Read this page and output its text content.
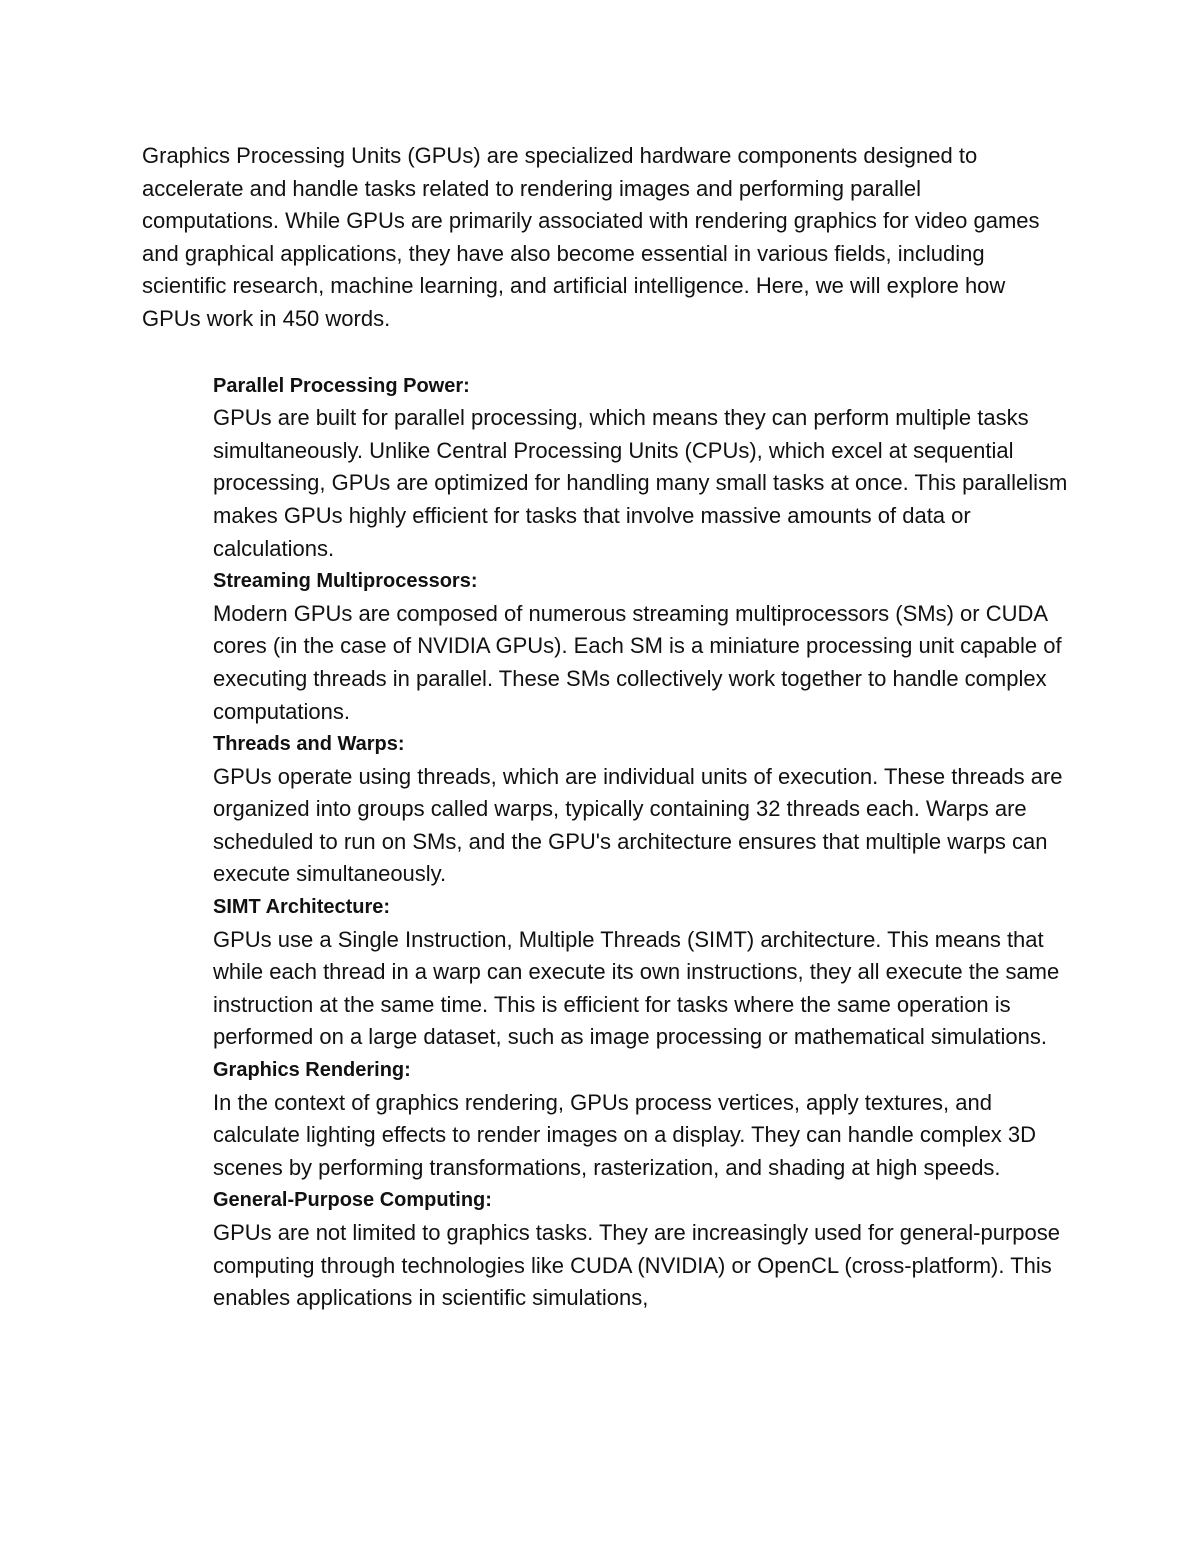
Graphics Processing Units (GPUs) are specialized hardware components designed to accelerate and handle tasks related to rendering images and performing parallel computations. While GPUs are primarily associated with rendering graphics for video games and graphical applications, they have also become essential in various fields, including scientific research, machine learning, and artificial intelligence. Here, we will explore how GPUs work in 450 words.

Parallel Processing Power:

GPUs are built for parallel processing, which means they can perform multiple tasks simultaneously. Unlike Central Processing Units (CPUs), which excel at sequential processing, GPUs are optimized for handling many small tasks at once. This parallelism makes GPUs highly efficient for tasks that involve massive amounts of data or calculations.

Streaming Multiprocessors:

Modern GPUs are composed of numerous streaming multiprocessors (SMs) or CUDA cores (in the case of NVIDIA GPUs). Each SM is a miniature processing unit capable of executing threads in parallel. These SMs collectively work together to handle complex computations.

Threads and Warps:

GPUs operate using threads, which are individual units of execution. These threads are organized into groups called warps, typically containing 32 threads each. Warps are scheduled to run on SMs, and the GPU's architecture ensures that multiple warps can execute simultaneously.

SIMT Architecture:

GPUs use a Single Instruction, Multiple Threads (SIMT) architecture. This means that while each thread in a warp can execute its own instructions, they all execute the same instruction at the same time. This is efficient for tasks where the same operation is performed on a large dataset, such as image processing or mathematical simulations.

Graphics Rendering:

In the context of graphics rendering, GPUs process vertices, apply textures, and calculate lighting effects to render images on a display. They can handle complex 3D scenes by performing transformations, rasterization, and shading at high speeds.

General-Purpose Computing:

GPUs are not limited to graphics tasks. They are increasingly used for general-purpose computing through technologies like CUDA (NVIDIA) or OpenCL (cross-platform). This enables applications in scientific simulations,
